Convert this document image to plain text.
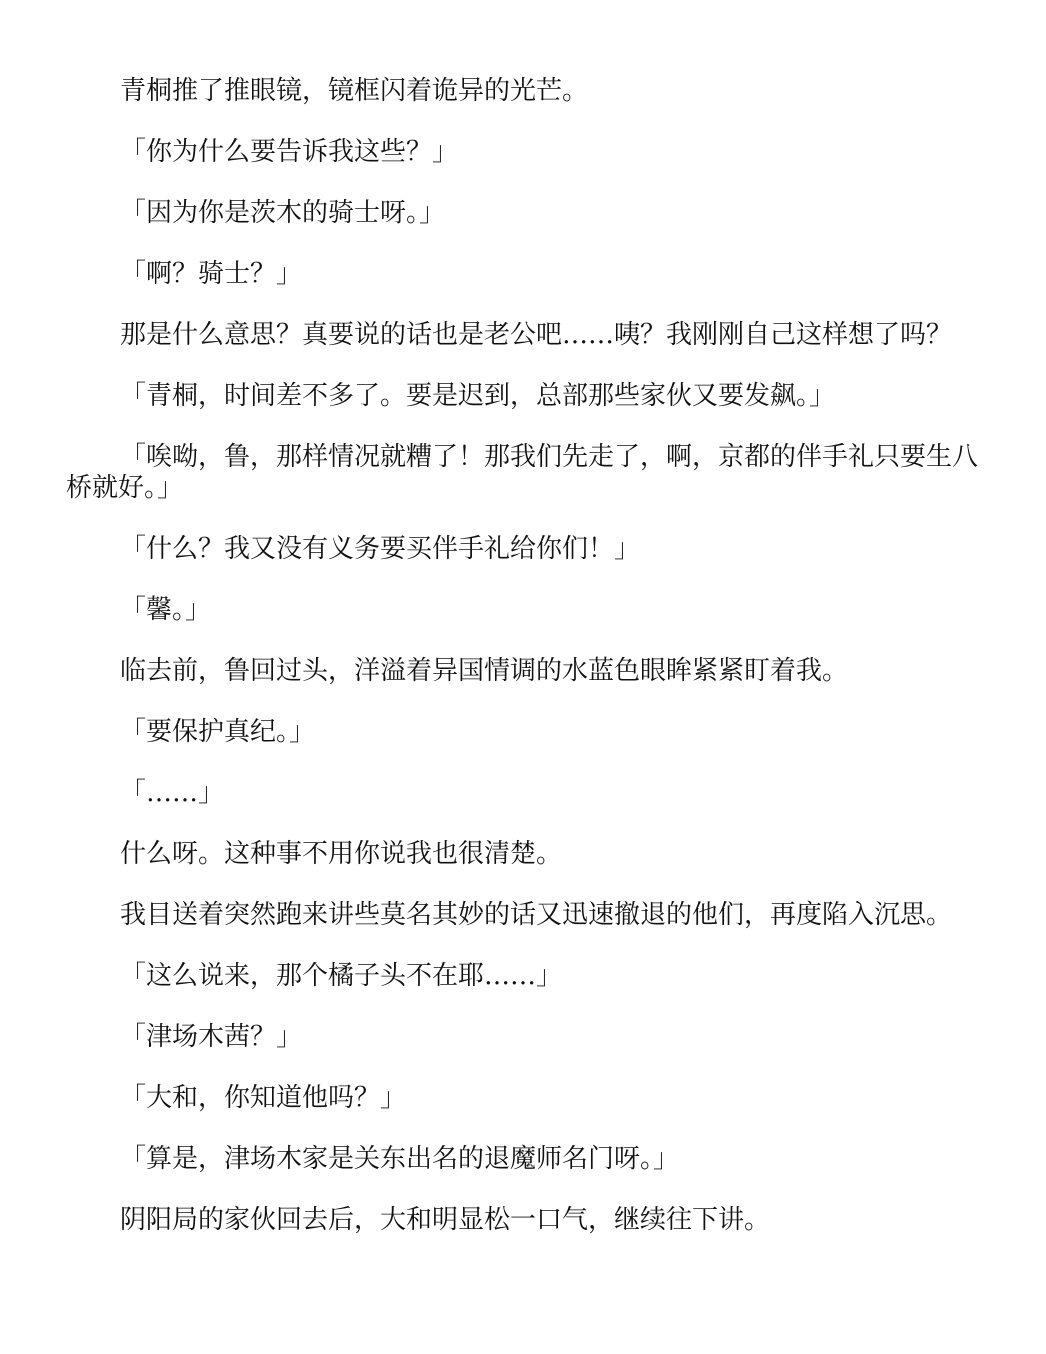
青桐推了推眼镜，镜框闪着诡异的光芒。

「你为什么要告诉我这些？」

「因为你是茨木的骑士呀。」

「啊？骑士？」

那是什么意思？真要说的话也是老公吧……咦？我刚刚自己这样想了吗？

「青桐，时间差不多了。要是迟到，总部那些家伙又要发飙。」

「唉呦，鲁，那样情况就糟了！那我们先走了，啊，京都的伴手礼只要生八桥就好。」

「什么？我又没有义务要买伴手礼给你们！」

「馨。」

临去前，鲁回过头，洋溢着异国情调的水蓝色眼眸紧紧盯着我。

「要保护真纪。」

「……」

什么呀。这种事不用你说我也很清楚。

我目送着突然跑来讲些莫名其妙的话又迅速撤退的他们，再度陷入沉思。

「这么说来，那个橘子头不在耶……」

「津场木茜？」

「大和，你知道他吗？」

「算是，津场木家是关东出名的退魔师名门呀。」

阴阳局的家伙回去后，大和明显松一口气，继续往下讲。
